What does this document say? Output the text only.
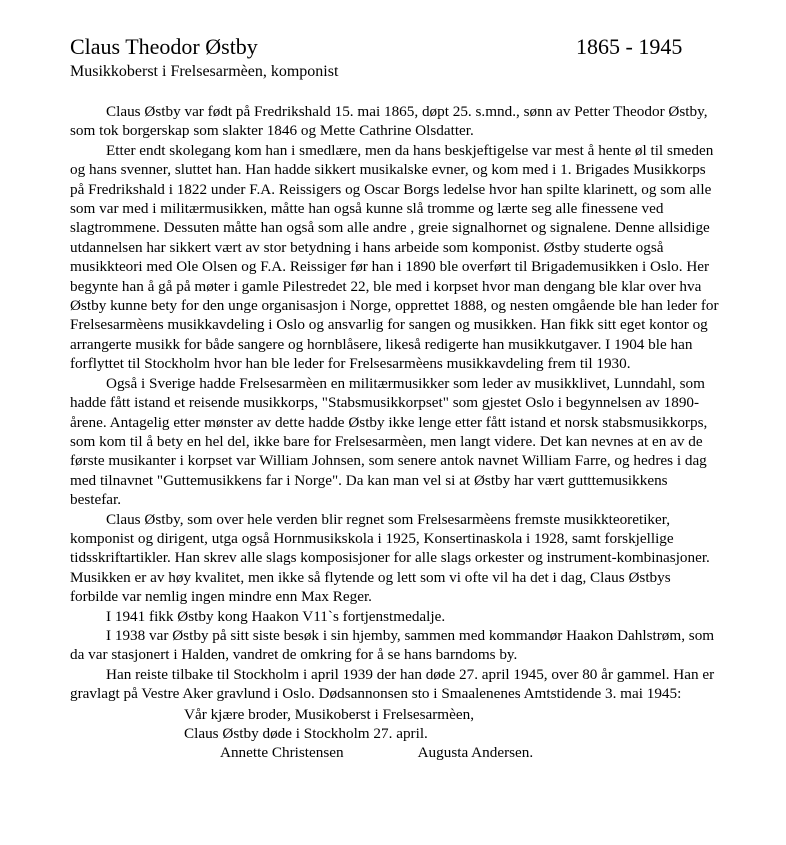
Claus Theodor Østby	1865 - 1945
Musikkoberst i Frelsesarmèen, komponist

Claus Østby var født på Fredrikshald 15. mai 1865, døpt 25. s.mnd., sønn av Petter Theodor Østby, som tok borgerskap som slakter 1846 og Mette Cathrine Olsdatter.

Etter endt skolegang kom han i smedlære, men da hans beskjeftigelse var mest å hente øl til smeden og hans svenner, sluttet han. Han hadde sikkert musikalske evner, og kom med i 1. Brigades Musikkorps på Fredrikshald i 1822 under F.A. Reissigers og Oscar Borgs ledelse hvor han spilte klarinett, og som alle som var med i militærmusikken, måtte han også kunne slå tromme og lærte seg alle finessene ved slagtrommene. Dessuten måtte han også som alle andre , greie signalhornet og signalene. Denne allsidige utdannelsen har sikkert vært av stor betydning i hans arbeide som komponist. Østby studerte også musikkteori med Ole Olsen og F.A. Reissiger før han i 1890 ble overført til Brigademusikken i Oslo. Her begynte han å gå på møter i gamle Pilestredet 22, ble med i korpset hvor man dengang ble klar over hva Østby kunne bety for den unge organisasjon i Norge, opprettet 1888, og nesten omgående ble han leder for Frelsesarmèens musikkavdeling i Oslo og ansvarlig for sangen og musikken. Han fikk sitt eget kontor og arrangerte musikk for både sangere og hornblåsere, likeså redigerte han musikkutgaver. I 1904 ble han forflyttet til Stockholm hvor han ble leder for Frelsesarmèens musikkavdeling frem til 1930.

Også i Sverige hadde Frelsesarmèen en militærmusikker som leder av musikklivet, Lunndahl, som hadde fått istand et reisende musikkorps, "Stabsmusikkorpset" som gjestet Oslo i begynnelsen av 1890-årene. Antagelig etter mønster av dette hadde Østby ikke lenge etter fått istand et norsk stabsmusikkorps, som kom til å bety en hel del, ikke bare for Frelsesarmèen, men langt videre. Det kan nevnes at en av de første musikanter i korpset var William Johnsen, som senere antok navnet William Farre, og hedres i dag med tilnavnet "Guttemusikkens far i Norge". Da kan man vel si at Østby har vært gutttemusikkens bestefar.

Claus Østby, som over hele verden blir regnet som Frelsesarmèens fremste musikkteoretiker, komponist og dirigent, utga også Hornmusikskola i 1925, Konsertinaskola i 1928, samt forskjellige tidsskriftartikler. Han skrev alle slags komposisjoner for alle slags orkester og instrument-kombinasjoner. Musikken er av høy kvalitet, men ikke så flytende og lett som vi ofte vil ha det i dag, Claus Østbys forbilde var nemlig ingen mindre enn Max Reger.

I 1941 fikk Østby kong Haakon V11`s fortjenstmedalje.

I 1938 var Østby på sitt siste besøk i sin hjemby, sammen med kommandør Haakon Dahlstrøm, som da var stasjonert i Halden, vandret de omkring for å se hans barndoms by.

Han reiste tilbake til Stockholm i april 1939 der han døde 27. april 1945, over 80 år gammel. Han er gravlagt på Vestre Aker gravlund i Oslo. Dødsannonsen sto i Smaalenenes Amtstidende 3. mai 1945:

Vår kjære broder, Musikoberst i Frelsesarmèen,
Claus Østby døde i Stockholm 27. april.
Annette Christensen	Augusta Andersen.
